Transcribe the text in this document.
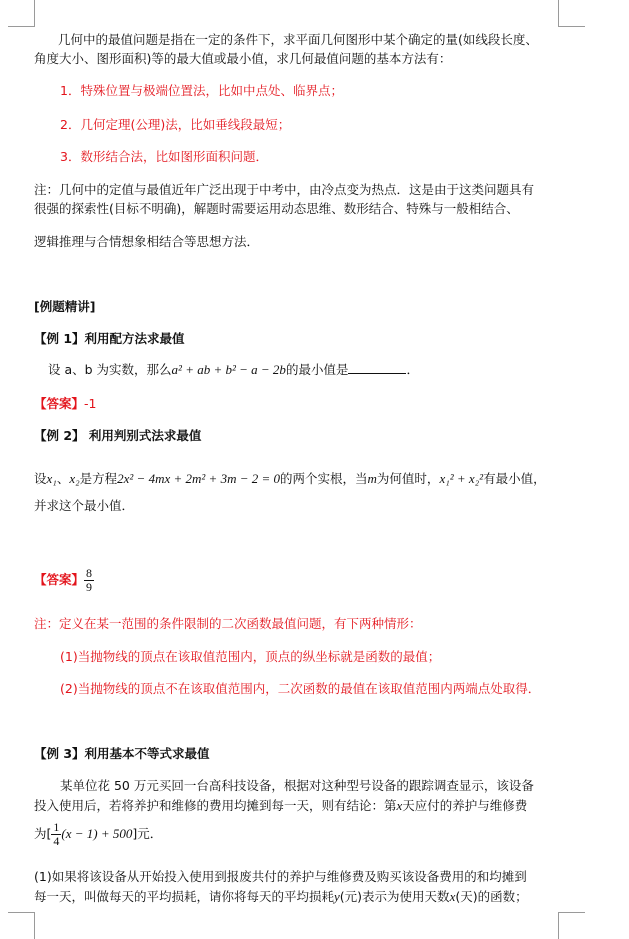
几何中的最值问题是指在一定的条件下，求平面几何图形中某个确定的量(如线段长度、
角度大小、图形面积)等的最大值或最小值，求几何最值问题的基本方法有：
1．特殊位置与极端位置法，比如中点处、临界点；
2．几何定理(公理)法，比如垂线段最短；
3．数形结合法，比如图形面积问题．
注：几何中的定值与最值近年广泛出现于中考中，由冷点变为热点．这是由于这类问题具有
很强的探索性(目标不明确)，解题时需要运用动态思维、数形结合、特殊与一般相结合、
逻辑推理与合情想象相结合等思想方法．
[例题精讲]
【例 1】利用配方法求最值
设 a、b 为实数，那么a² + ab + b² − a − 2b的最小值是	．
【答案】-1
【例 2】 利用判别式法求最值
设x₁、x₂是方程2x² − 4mx + 2m² + 3m − 2 = 0的两个实根，当m为何值时，x₁² + x₂²有最小值，
并求这个最小值．
【答案】 $\frac{8}{9}$
注：定义在某一范围的条件限制的二次函数最值问题，有下两种情形：
(1)当抛物线的顶点在该取值范围内，顶点的纵坐标就是函数的最值；
(2)当抛物线的顶点不在该取值范围内，二次函数的最值在该取值范围内两端点处取得．
【例 3】利用基本不等式求最值
某单位花 50 万元买回一台高科技设备，根据对这种型号设备的跟踪调查显示，该设备
投入使用后，若将养护和维修的费用均摊到每一天，则有结论：第x天应付的养护与维修费
为[ $\frac{1}{4} (x - 1) + 500$]元．
(1)如果将该设备从开始投入使用到报废共付的养护与维修费及购买该设备费用的和均摊到
每一天，叫做每天的平均损耗，请你将每天的平均损耗y(元)表示为使用天数x(天)的函数；
